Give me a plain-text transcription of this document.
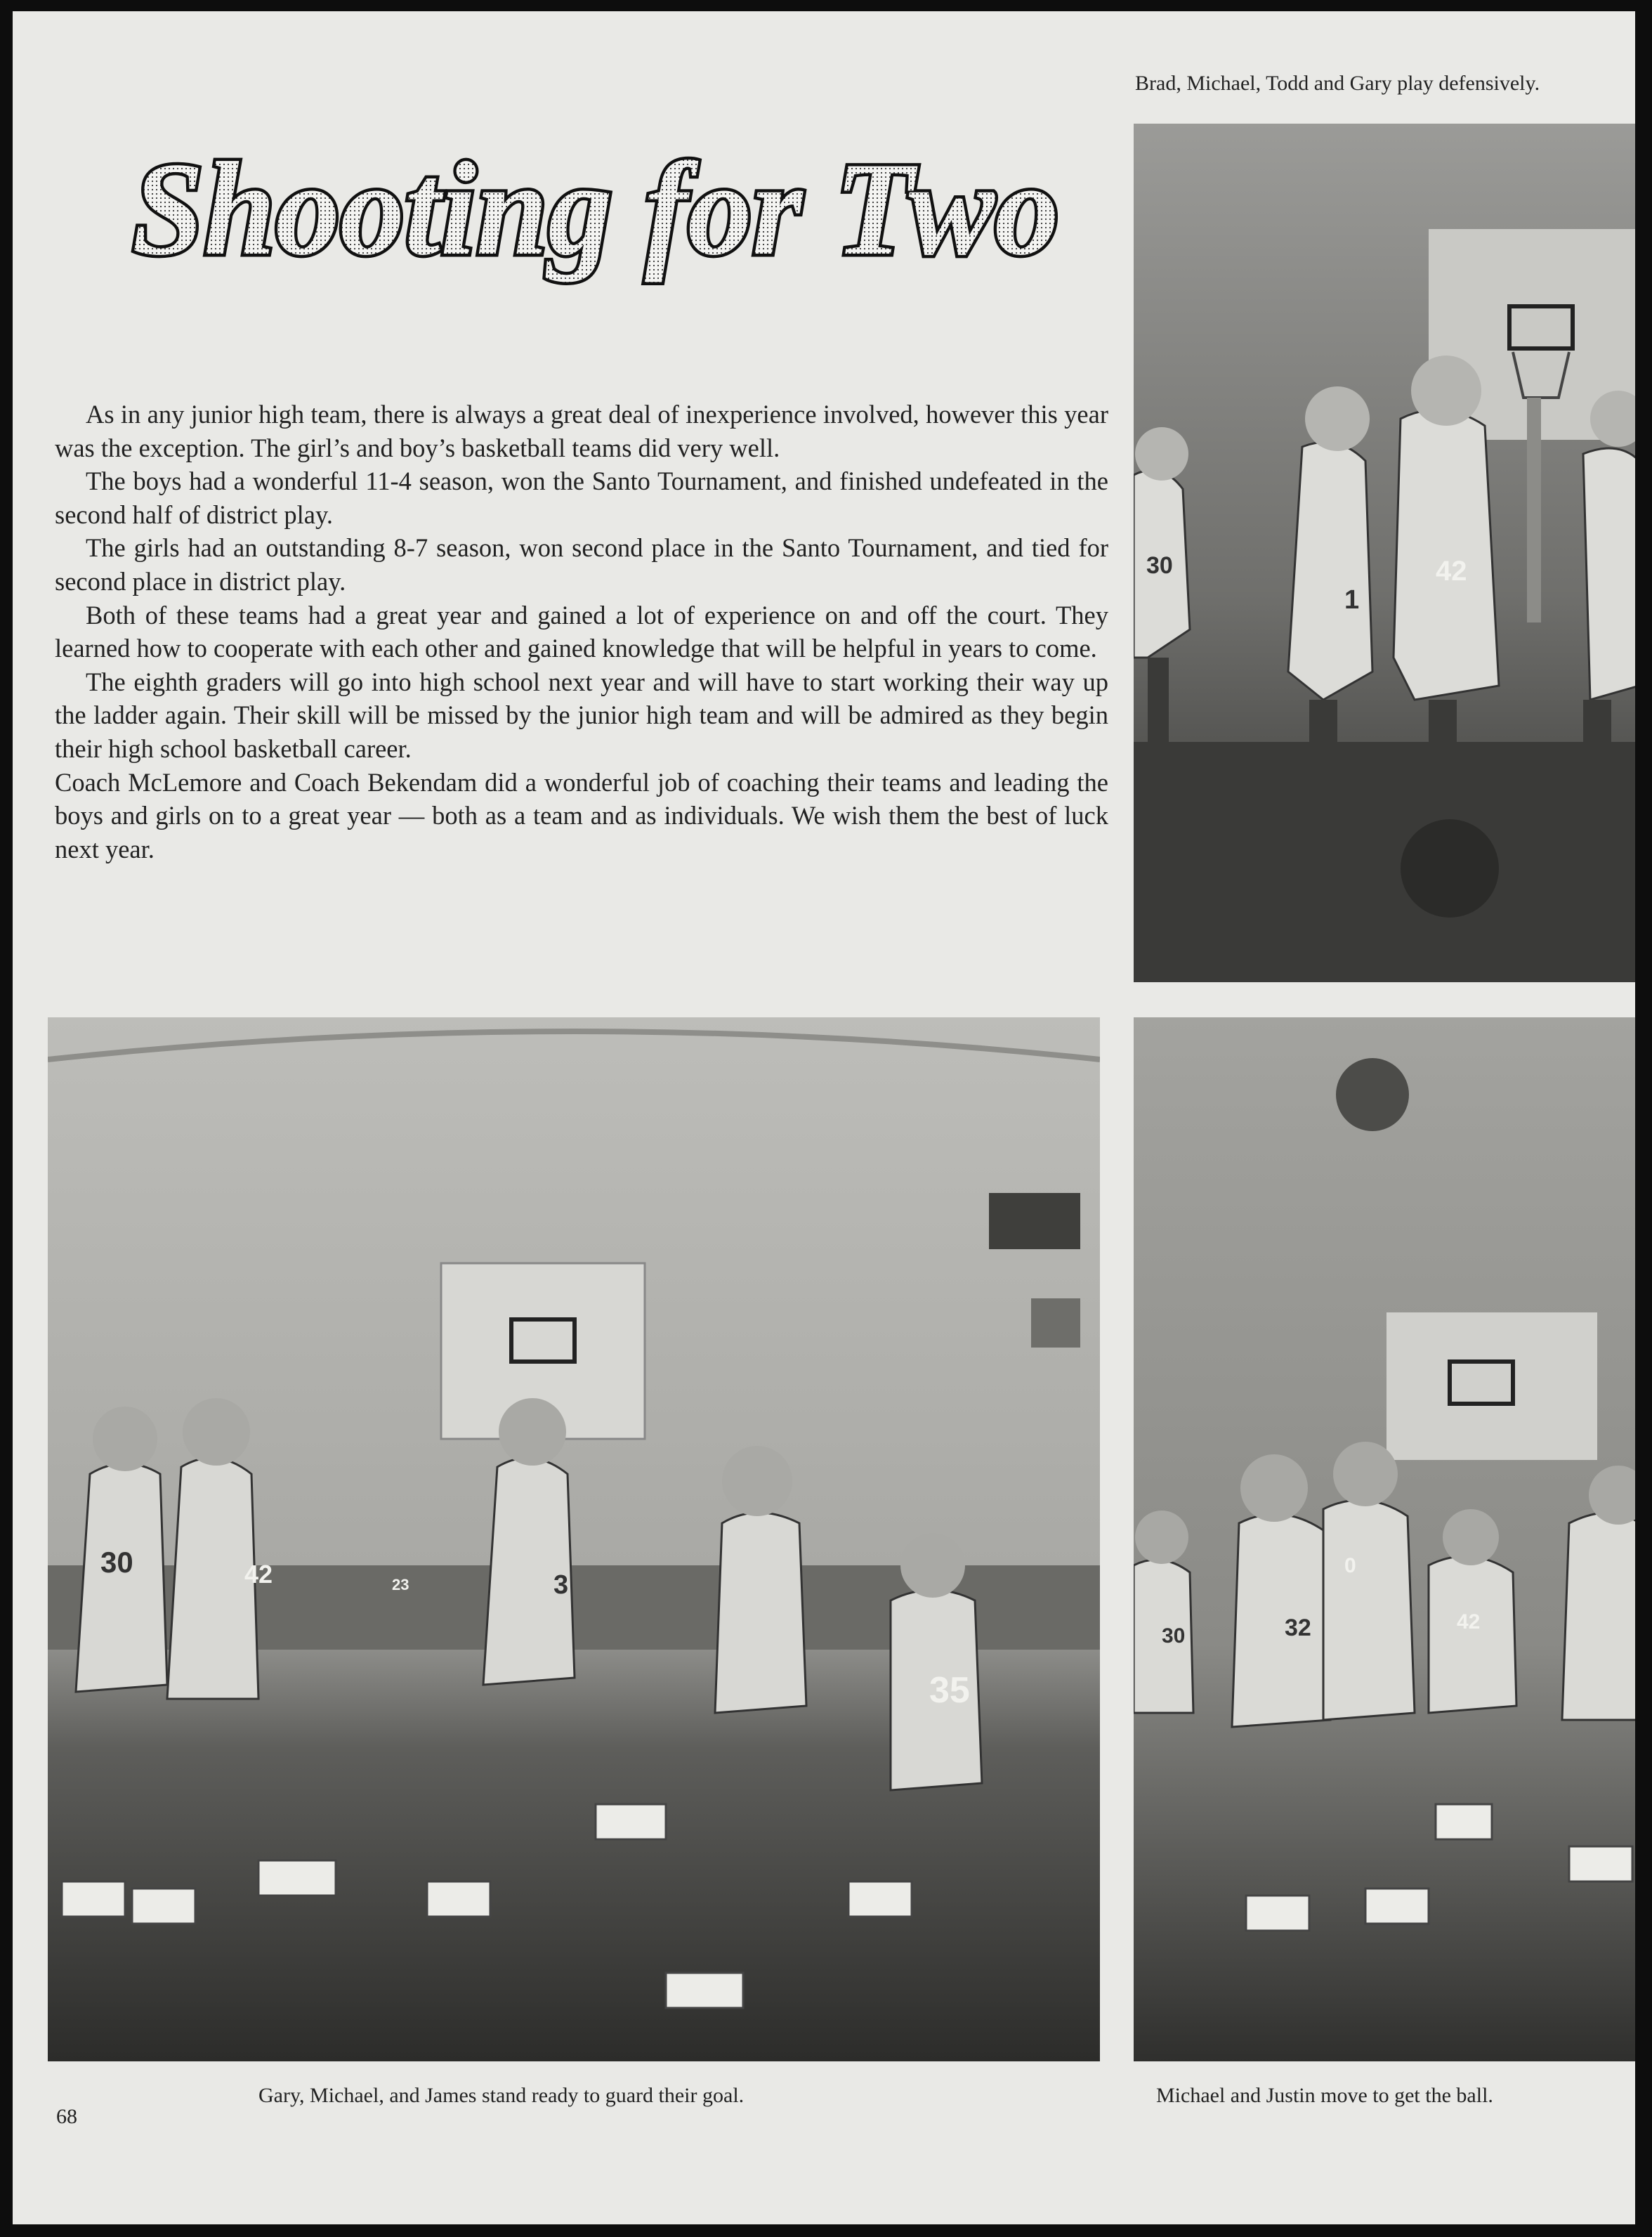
Shooting for Two

As in any junior high team, there is always a great deal of inexperience involved, however this year was the exception. The girl’s and boy’s basketball teams did very well.

The boys had a wonderful 11-4 season, won the Santo Tournament, and finished undefeated in the second half of district play.

The girls had an outstanding 8-7 season, won second place in the Santo Tournament, and tied for second place in district play.

Both of these teams had a great year and gained a lot of experience on and off the court. They learned how to cooperate with each other and gained knowledge that will be helpful in years to come.

The eighth graders will go into high school next year and will have to start working their way up the ladder again. Their skill will be missed by the junior high team and will be admired as they begin their high school basketball career.

Coach McLemore and Coach Bekendam did a wonderful job of coaching their teams and leading the boys and girls on to a great year — both as a team and as individuals. We wish them the best of luck next year.

Brad, Michael, Todd and Gary play defensively.
30
1
42
30	42	3
23
35
Gary, Michael, and James stand ready to guard their goal.
32
30
42
0
Michael and Justin move to get the ball.
68
